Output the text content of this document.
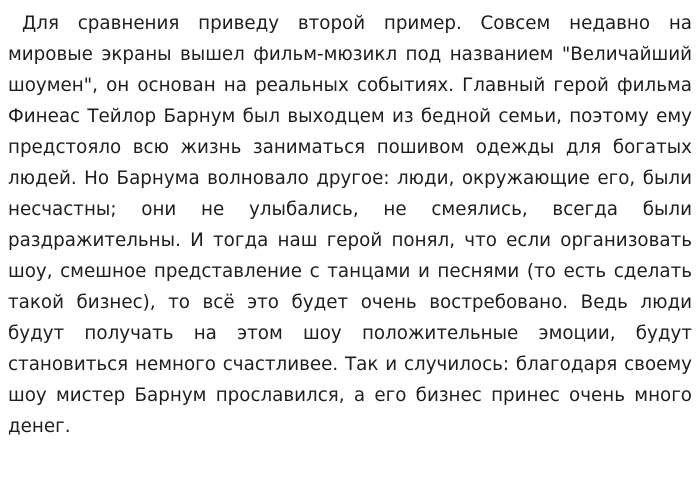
Для сравнения приведу второй пример. Совсем недавно на
мировые экраны вышел фильм-мюзикл под названием "Величайший
шоумен", он основан на реальных событиях. Главный герой фильма
Финеас Тейлор Барнум был выходцем из бедной семьи, поэтому ему
предстояло всю жизнь заниматься пошивом одежды для богатых
людей. Но Барнума волновало другое: люди, окружающие его, были
несчастны; они не улыбались, не смеялись, всегда были
раздражительны. И тогда наш герой понял, что если организовать
шоу, смешное представление с танцами и песнями (то есть сделать
такой бизнес), то всё это будет очень востребовано. Ведь люди
будут получать на этом шоу положительные эмоции, будут
становиться немного счастливее. Так и случилось: благодаря своему
шоу мистер Барнум прославился, а его бизнес принес очень много
денег.
